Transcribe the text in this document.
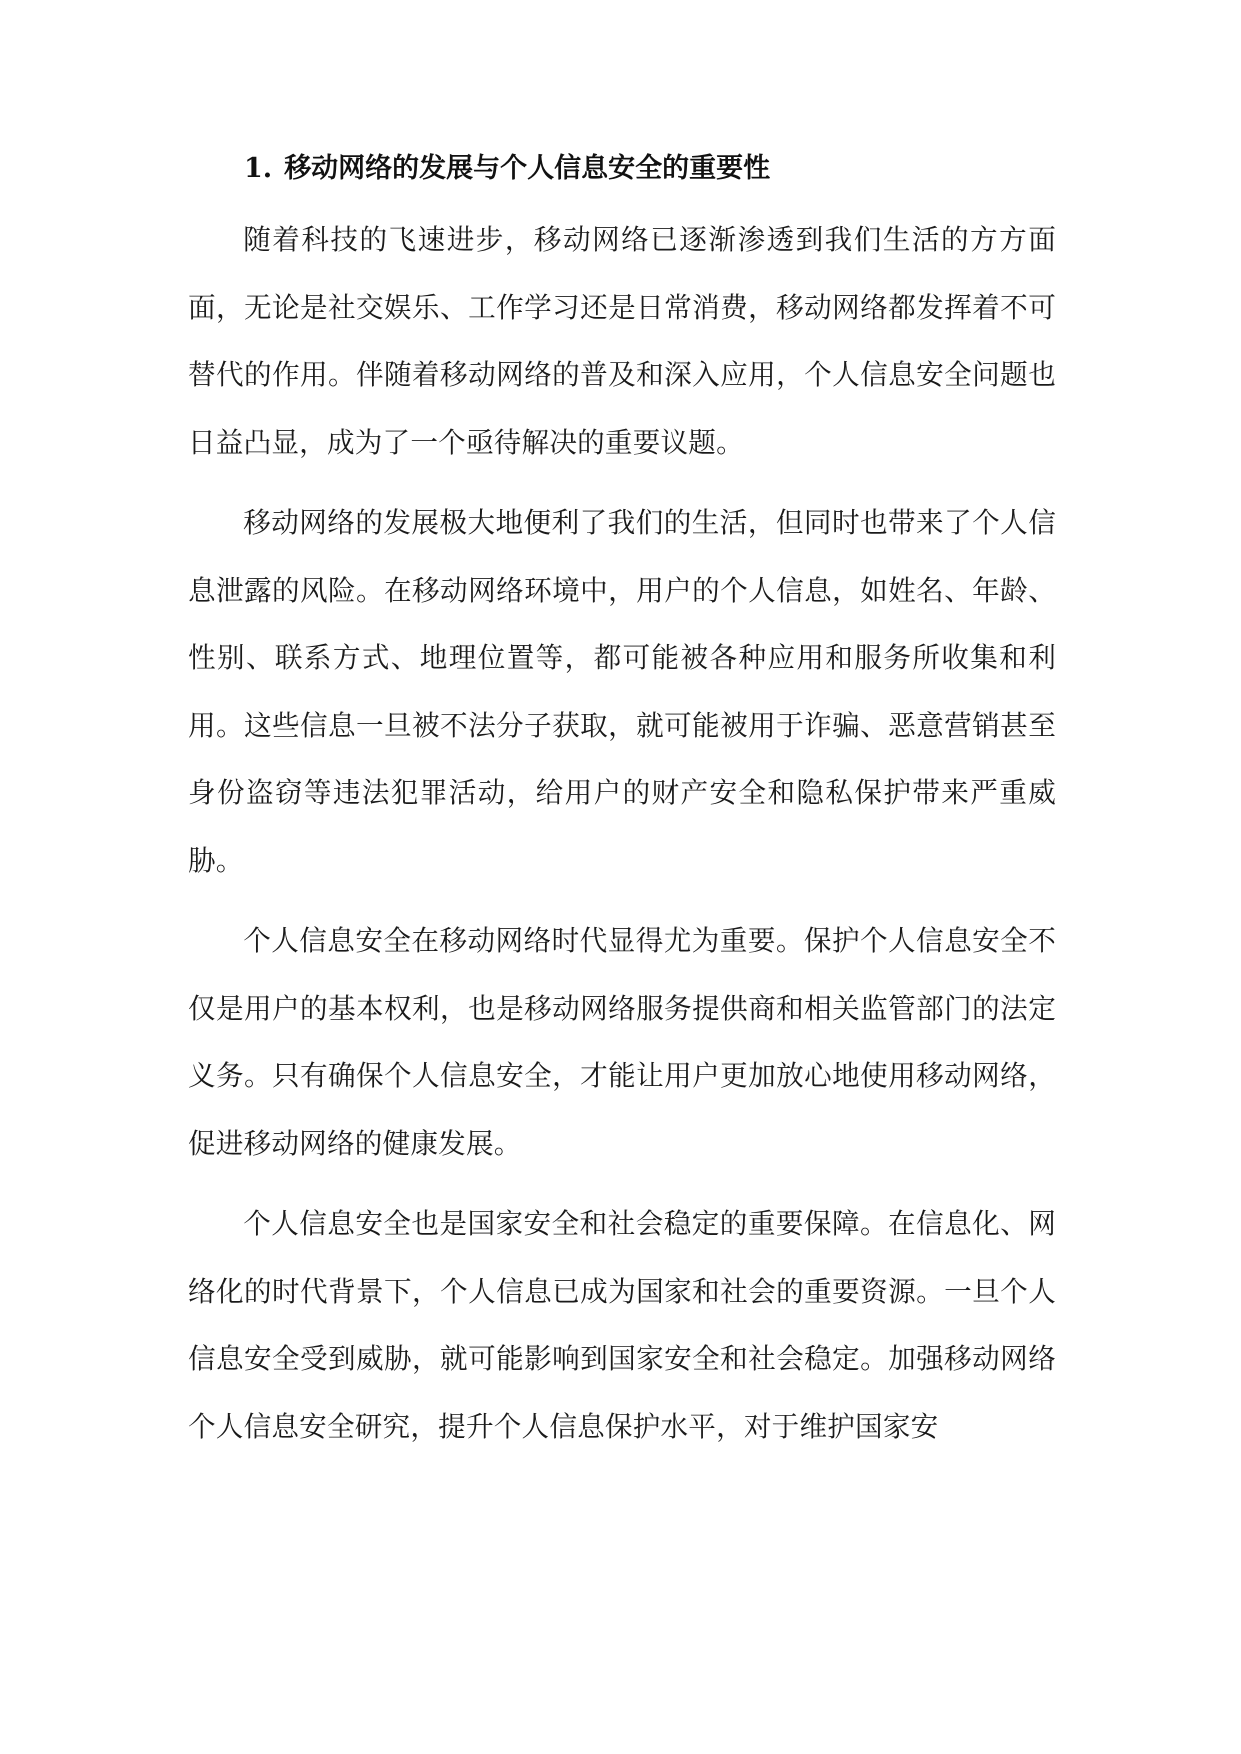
1. 移动网络的发展与个人信息安全的重要性

随着科技的飞速进步，移动网络已逐渐渗透到我们生活的方方面面，无论是社交娱乐、工作学习还是日常消费，移动网络都发挥着不可替代的作用。伴随着移动网络的普及和深入应用，个人信息安全问题也日益凸显，成为了一个亟待解决的重要议题。

移动网络的发展极大地便利了我们的生活，但同时也带来了个人信息泄露的风险。在移动网络环境中，用户的个人信息，如姓名、年龄、性别、联系方式、地理位置等，都可能被各种应用和服务所收集和利用。这些信息一旦被不法分子获取，就可能被用于诈骗、恶意营销甚至身份盗窃等违法犯罪活动，给用户的财产安全和隐私保护带来严重威胁。

个人信息安全在移动网络时代显得尤为重要。保护个人信息安全不仅是用户的基本权利，也是移动网络服务提供商和相关监管部门的法定义务。只有确保个人信息安全，才能让用户更加放心地使用移动网络，促进移动网络的健康发展。

个人信息安全也是国家安全和社会稳定的重要保障。在信息化、网络化的时代背景下，个人信息已成为国家和社会的重要资源。一旦个人信息安全受到威胁，就可能影响到国家安全和社会稳定。加强移动网络个人信息安全研究，提升个人信息保护水平，对于维护国家安
